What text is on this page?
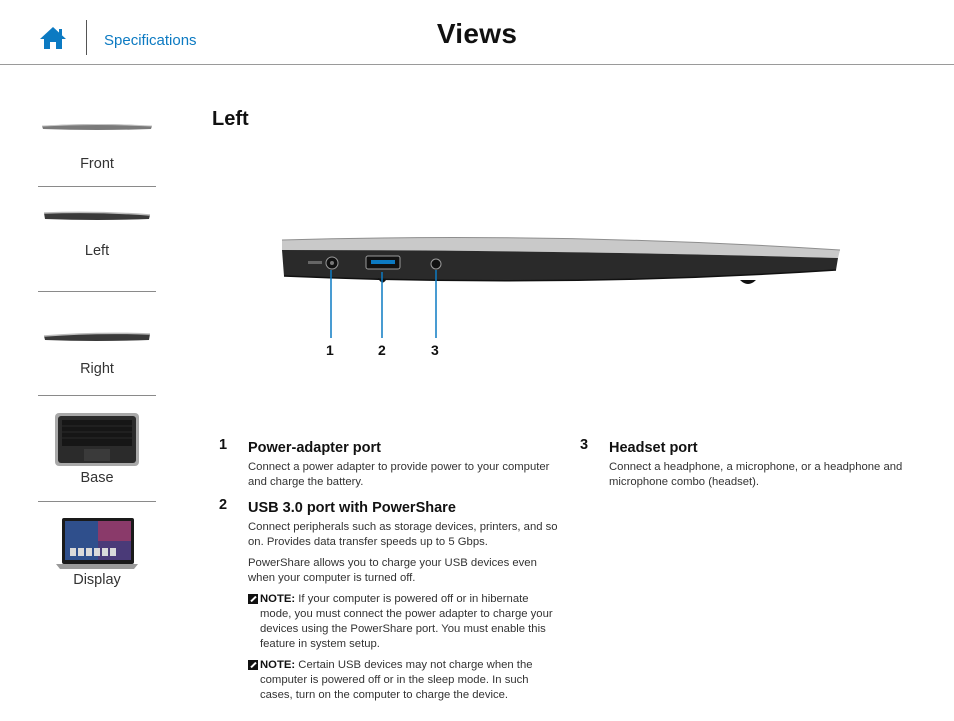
Specifications	Views
Front
Left
Right
Base
Display
Left
1	2	3
1 Power-adapter port
Connect a power adapter to provide power to your computer and charge the battery.
2 USB 3.0 port with PowerShare
Connect peripherals such as storage devices, printers, and so on. Provides data transfer speeds up to 5 Gbps.
PowerShare allows you to charge your USB devices even when your computer is turned off.
NOTE: If your computer is powered off or in hibernate mode, you must connect the power adapter to charge your devices using the PowerShare port. You must enable this feature in system setup.
NOTE: Certain USB devices may not charge when the computer is powered off or in the sleep mode. In such cases, turn on the computer to charge the device.
3 Headset port
Connect a headphone, a microphone, or a headphone and microphone combo (headset).
